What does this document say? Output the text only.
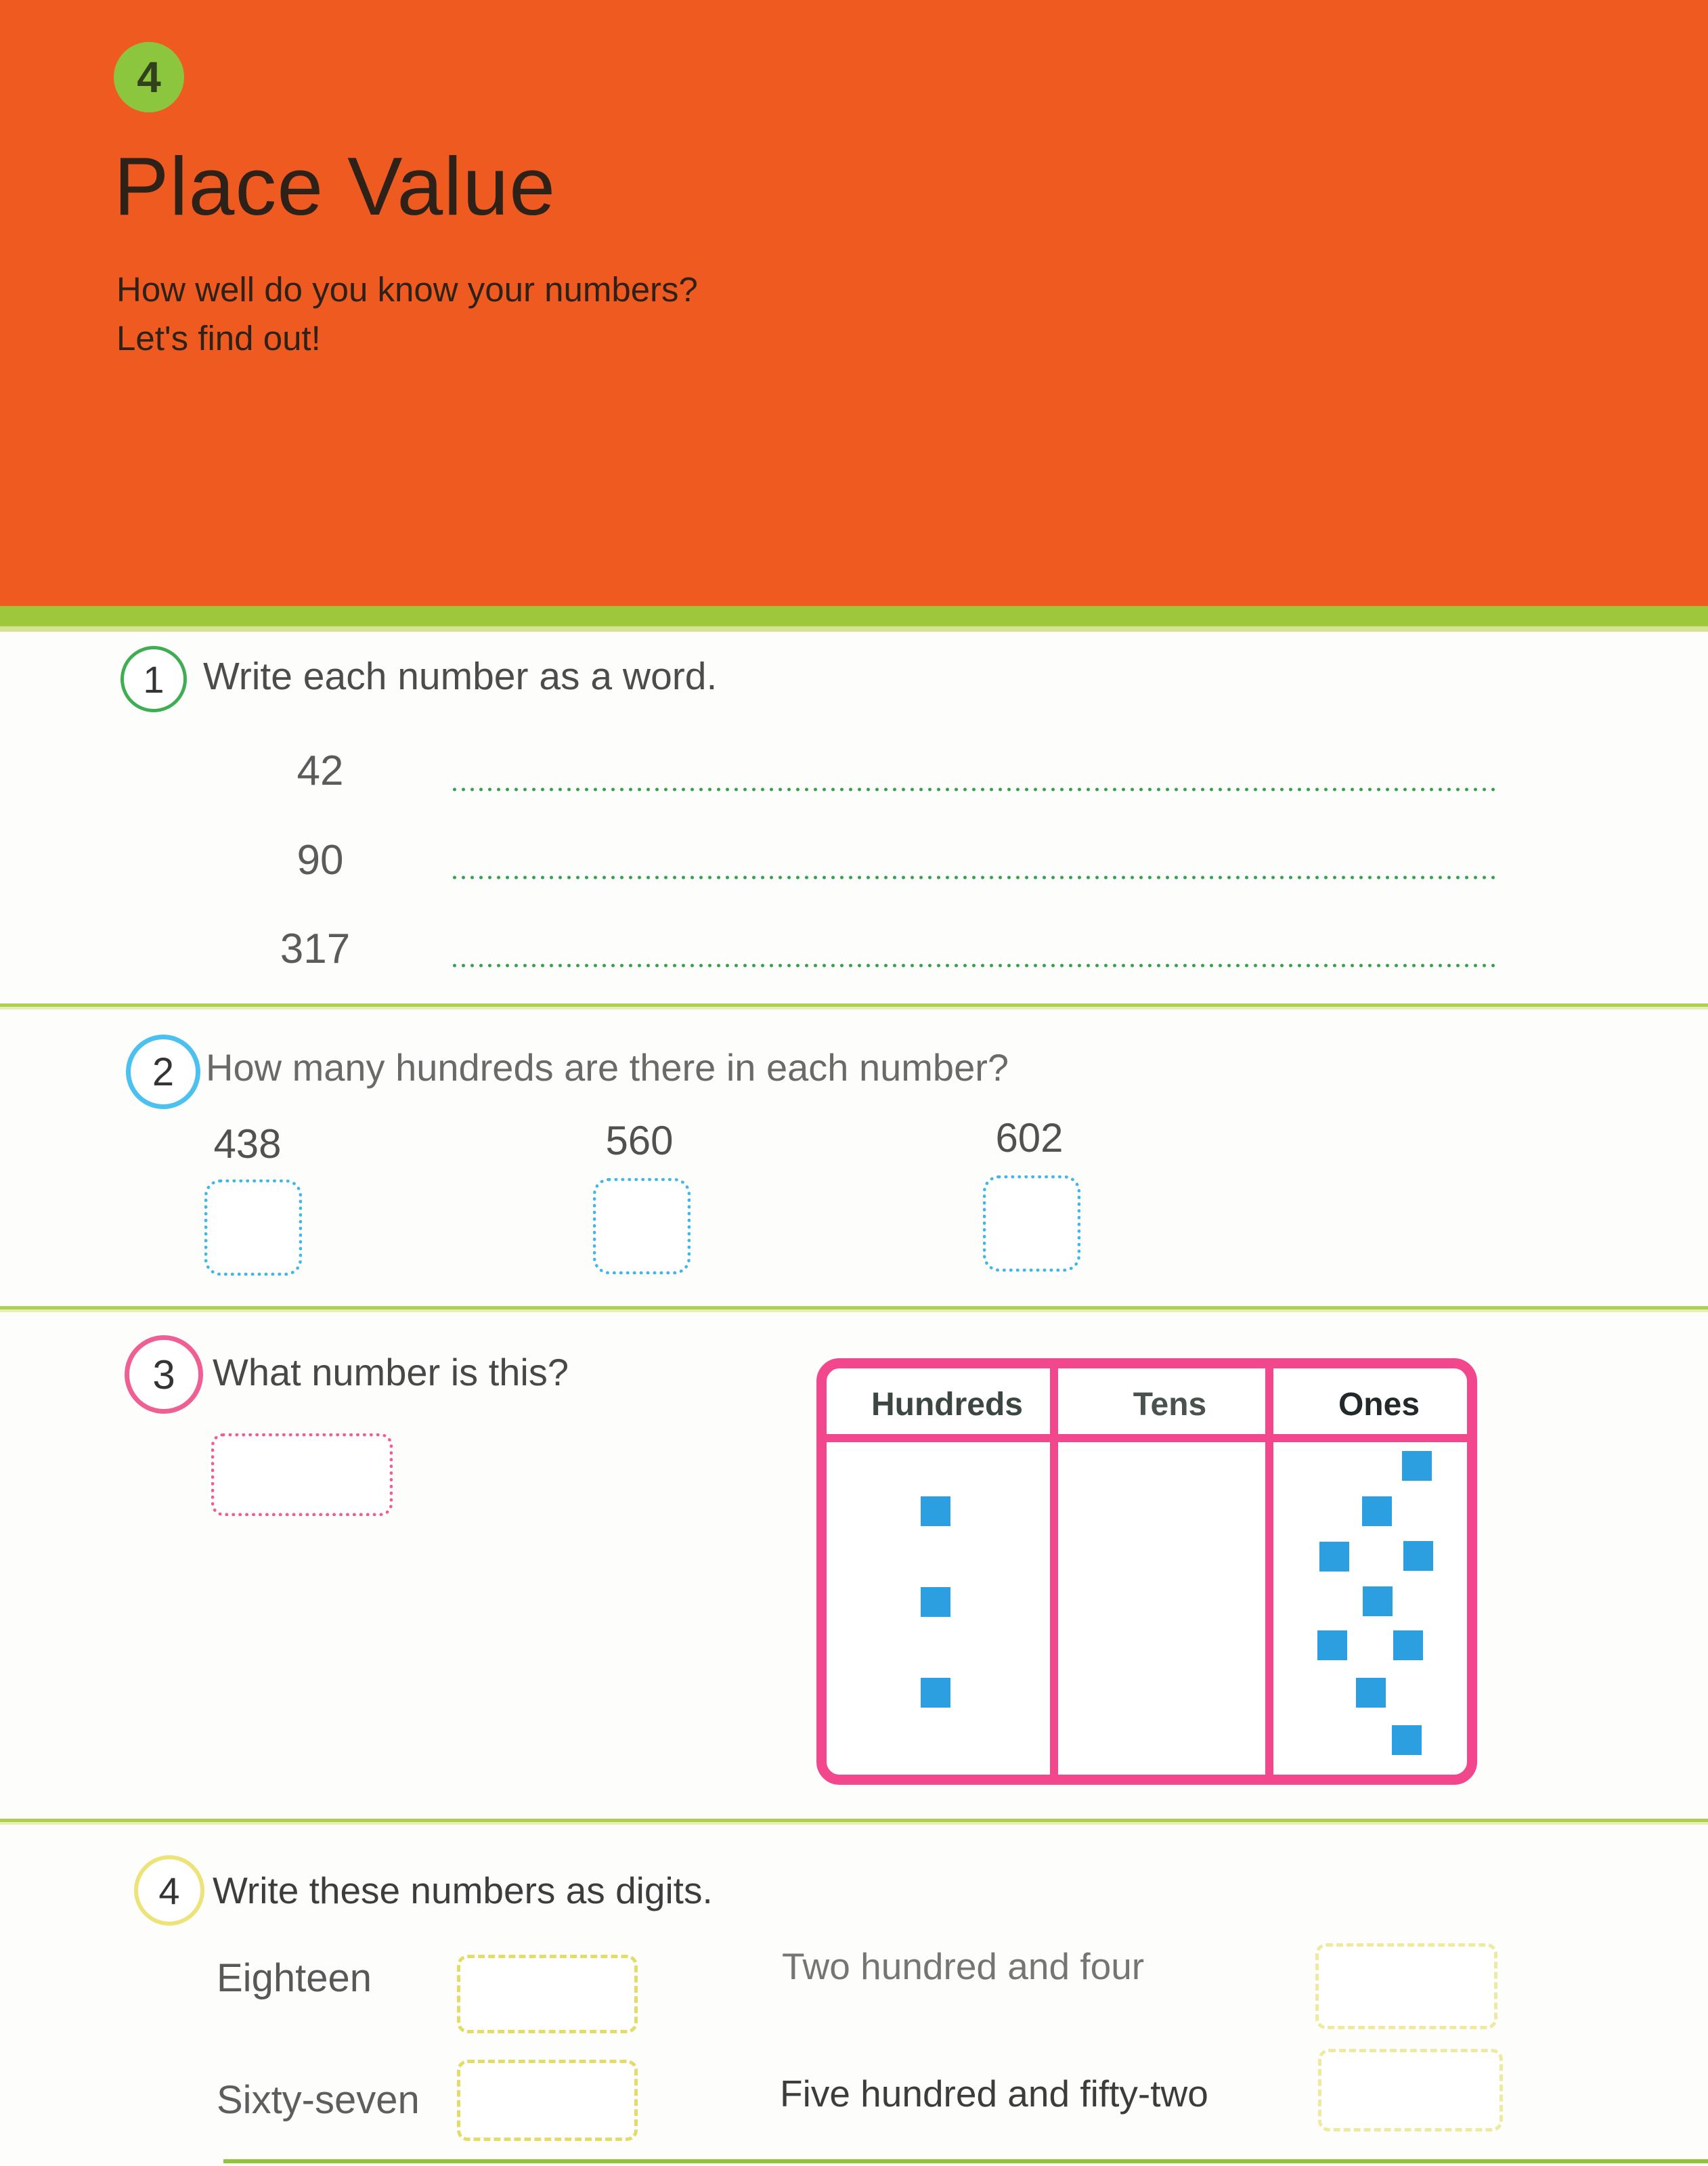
4
Place Value
How well do you know your numbers?
Let's find out!
1	Write each number as a word.
42
90
317
2 How many hundreds are there in each number?
438	560	602
3 What number is this?
Hundreds	Tens	Ones
4 Write these numbers as digits.
Eighteen
Sixty-seven
Two hundred and four
Five hundred and fifty-two
